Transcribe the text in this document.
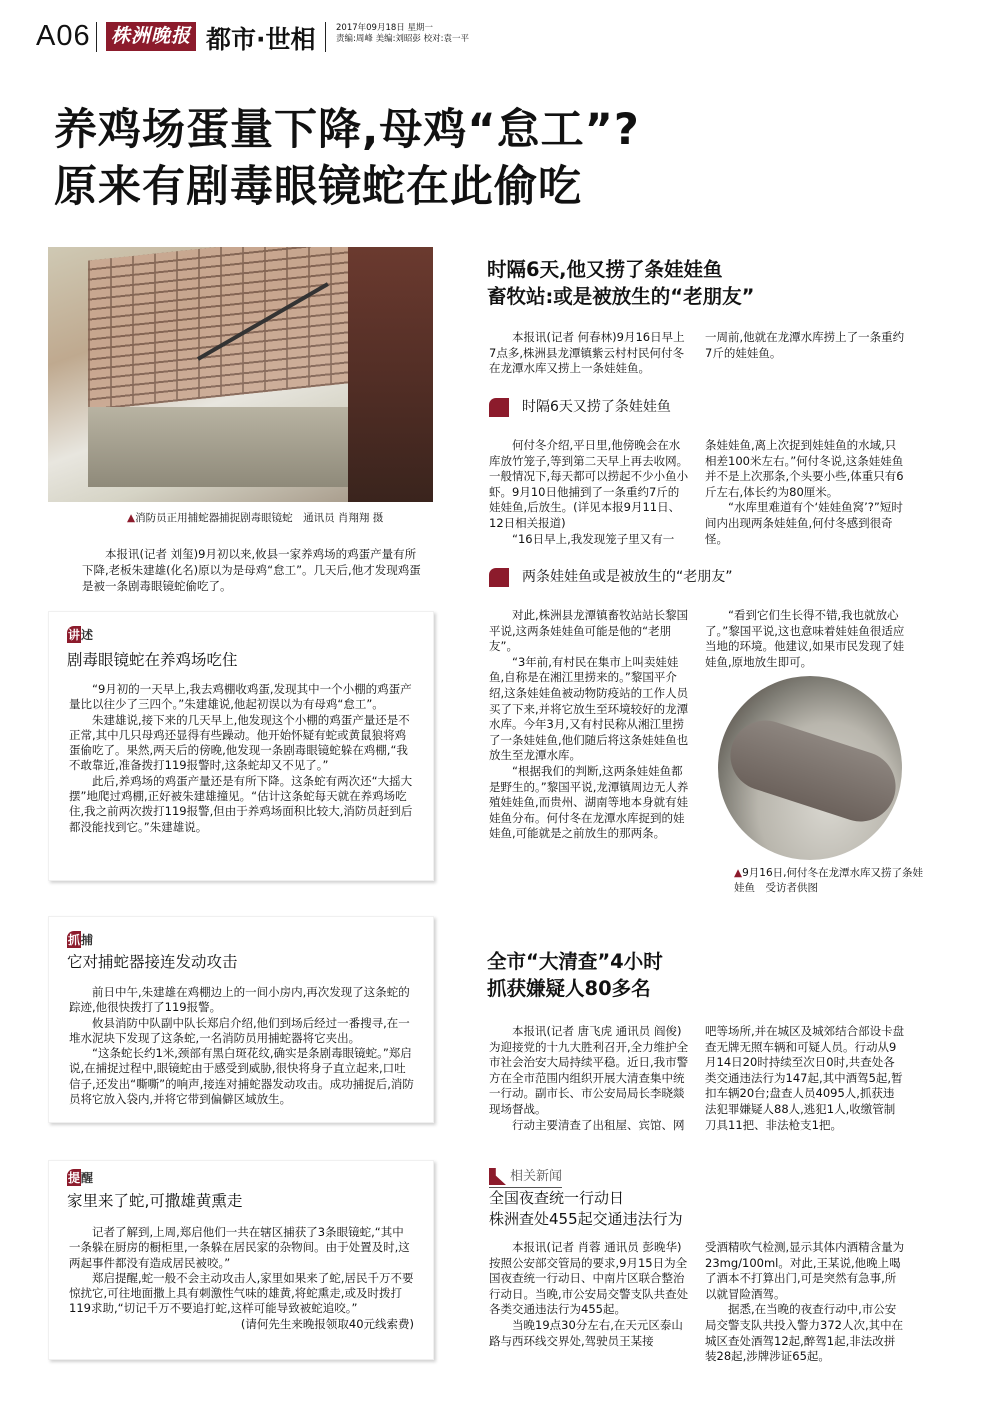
A06 株洲晚报 都市·世相 2017年09月18日 星期一
责编:周峰 美编:刘昭彭 校对:袁一平
养鸡场蛋量下降,母鸡“怠工”?
原来有剧毒眼镜蛇在此偷吃
▲消防员正用捕蛇器捕捉剧毒眼镜蛇　通讯员 肖翔翔 摄

本报讯(记者 刘玺)9月初以来,攸县一家养鸡场的鸡蛋产量有所下降,老板朱建雄(化名)原以为是母鸡“怠工”。几天后,他才发现鸡蛋是被一条剧毒眼镜蛇偷吃了。

讲述
剧毒眼镜蛇在养鸡场吃住

“9月初的一天早上,我去鸡棚收鸡蛋,发现其中一个小棚的鸡蛋产量比以往少了三四个。”朱建雄说,他起初误以为有母鸡“怠工”。

朱建雄说,接下来的几天早上,他发现这个小棚的鸡蛋产量还是不正常,其中几只母鸡还显得有些躁动。他开始怀疑有蛇或黄鼠狼将鸡蛋偷吃了。果然,两天后的傍晚,他发现一条剧毒眼镜蛇躲在鸡棚,“我不敢靠近,准备拨打119报警时,这条蛇却又不见了。”

此后,养鸡场的鸡蛋产量还是有所下降。这条蛇有两次还“大摇大摆”地爬过鸡棚,正好被朱建雄撞见。“估计这条蛇每天就在养鸡场吃住,我之前两次拨打119报警,但由于养鸡场面积比较大,消防员赶到后都没能找到它。”朱建雄说。

抓捕
它对捕蛇器接连发动攻击

前日中午,朱建雄在鸡棚边上的一间小房内,再次发现了这条蛇的踪迹,他很快拨打了119报警。

攸县消防中队副中队长郑启介绍,他们到场后经过一番搜寻,在一堆水泥块下发现了这条蛇,一名消防员用捕蛇器将它夹出。

“这条蛇长约1米,颈部有黑白斑花纹,确实是条剧毒眼镜蛇。”郑启说,在捕捉过程中,眼镜蛇由于感受到威胁,很快将身子直立起来,口吐信子,还发出“嘶嘶”的响声,接连对捕蛇器发动攻击。成功捕捉后,消防员将它放入袋内,并将它带到偏僻区域放生。

提醒
家里来了蛇,可撒雄黄熏走

记者了解到,上周,郑启他们一共在辖区捕获了3条眼镜蛇,“其中一条躲在厨房的橱柜里,一条躲在居民家的杂物间。由于处置及时,这两起事件都没有造成居民被咬。”

郑启提醒,蛇一般不会主动攻击人,家里如果来了蛇,居民千万不要惊扰它,可往地面撒上具有刺激性气味的雄黄,将蛇熏走,或及时拨打119求助,“切记千万不要追打蛇,这样可能导致被蛇追咬。”

(请何先生来晚报领取40元线索费)
时隔6天,他又捞了条娃娃鱼
畜牧站:或是被放生的“老朋友”

本报讯(记者 何春林)9月16日早上7点多,株洲县龙潭镇紫云村村民何付冬在龙潭水库又捞上一条娃娃鱼。

一周前,他就在龙潭水库捞上了一条重约7斤的娃娃鱼。

时隔6天又捞了条娃娃鱼

何付冬介绍,平日里,他傍晚会在水库放竹笼子,等到第二天早上再去收网。一般情况下,每天都可以捞起不少小鱼小虾。9月10日他捕到了一条重约7斤的娃娃鱼,后放生。(详见本报9月11日、12日相关报道)

“16日早上,我发现笼子里又有一

条娃娃鱼,离上次捉到娃娃鱼的水域,只相差100米左右。”何付冬说,这条娃娃鱼并不是上次那条,个头要小些,体重只有6斤左右,体长约为80厘米。

“水库里难道有个‘娃娃鱼窝’?”短时间内出现两条娃娃鱼,何付冬感到很奇怪。

两条娃娃鱼或是被放生的“老朋友”

对此,株洲县龙潭镇畜牧站站长黎国平说,这两条娃娃鱼可能是他的“老朋友”。

“3年前,有村民在集市上叫卖娃娃鱼,自称是在湘江里捞来的。”黎国平介绍,这条娃娃鱼被动物防疫站的工作人员买了下来,并将它放生至环境较好的龙潭水库。今年3月,又有村民称从湘江里捞了一条娃娃鱼,他们随后将这条娃娃鱼也放生至龙潭水库。

“根据我们的判断,这两条娃娃鱼都是野生的。”黎国平说,龙潭镇周边无人养殖娃娃鱼,而贵州、湖南等地本身就有娃娃鱼分布。何付冬在龙潭水库捉到的娃娃鱼,可能就是之前放生的那两条。

“看到它们生长得不错,我也就放心了。”黎国平说,这也意味着娃娃鱼很适应当地的环境。他建议,如果市民发现了娃娃鱼,原地放生即可。

▲9月16日,何付冬在龙潭水库又捞了条娃娃鱼　受访者供图
全市“大清查”4小时
抓获嫌疑人80多名

本报讯(记者 唐飞虎 通讯员 阎俊)为迎接党的十九大胜利召开,全力维护全市社会治安大局持续平稳。近日,我市警方在全市范围内组织开展大清查集中统一行动。副市长、市公安局局长李晓燚现场督战。

行动主要清查了出租屋、宾馆、网

吧等场所,并在城区及城郊结合部设卡盘查无牌无照车辆和可疑人员。行动从9月14日20时持续至次日0时,共查处各类交通违法行为147起,其中酒驾5起,暂扣车辆20台;盘查人员4095人,抓获违法犯罪嫌疑人88人,逃犯1人,收缴管制刀具11把、非法枪支1把。

相关新闻
全国夜查统一行动日
株洲查处455起交通违法行为

本报讯(记者 肖蓉 通讯员 彭晚华)按照公安部交管局的要求,9月15日为全国夜查统一行动日、中南片区联合整治行动日。当晚,市公安局交警支队共查处各类交通违法行为455起。

当晚19点30分左右,在天元区泰山路与西环线交界处,驾驶员王某接

受酒精吹气检测,显示其体内酒精含量为23mg/100ml。对此,王某说,他晚上喝了酒本不打算出门,可是突然有急事,所以就冒险酒驾。

据悉,在当晚的夜查行动中,市公安局交警支队共投入警力372人次,其中在城区查处酒驾12起,醉驾1起,非法改拼装28起,涉牌涉证65起。
